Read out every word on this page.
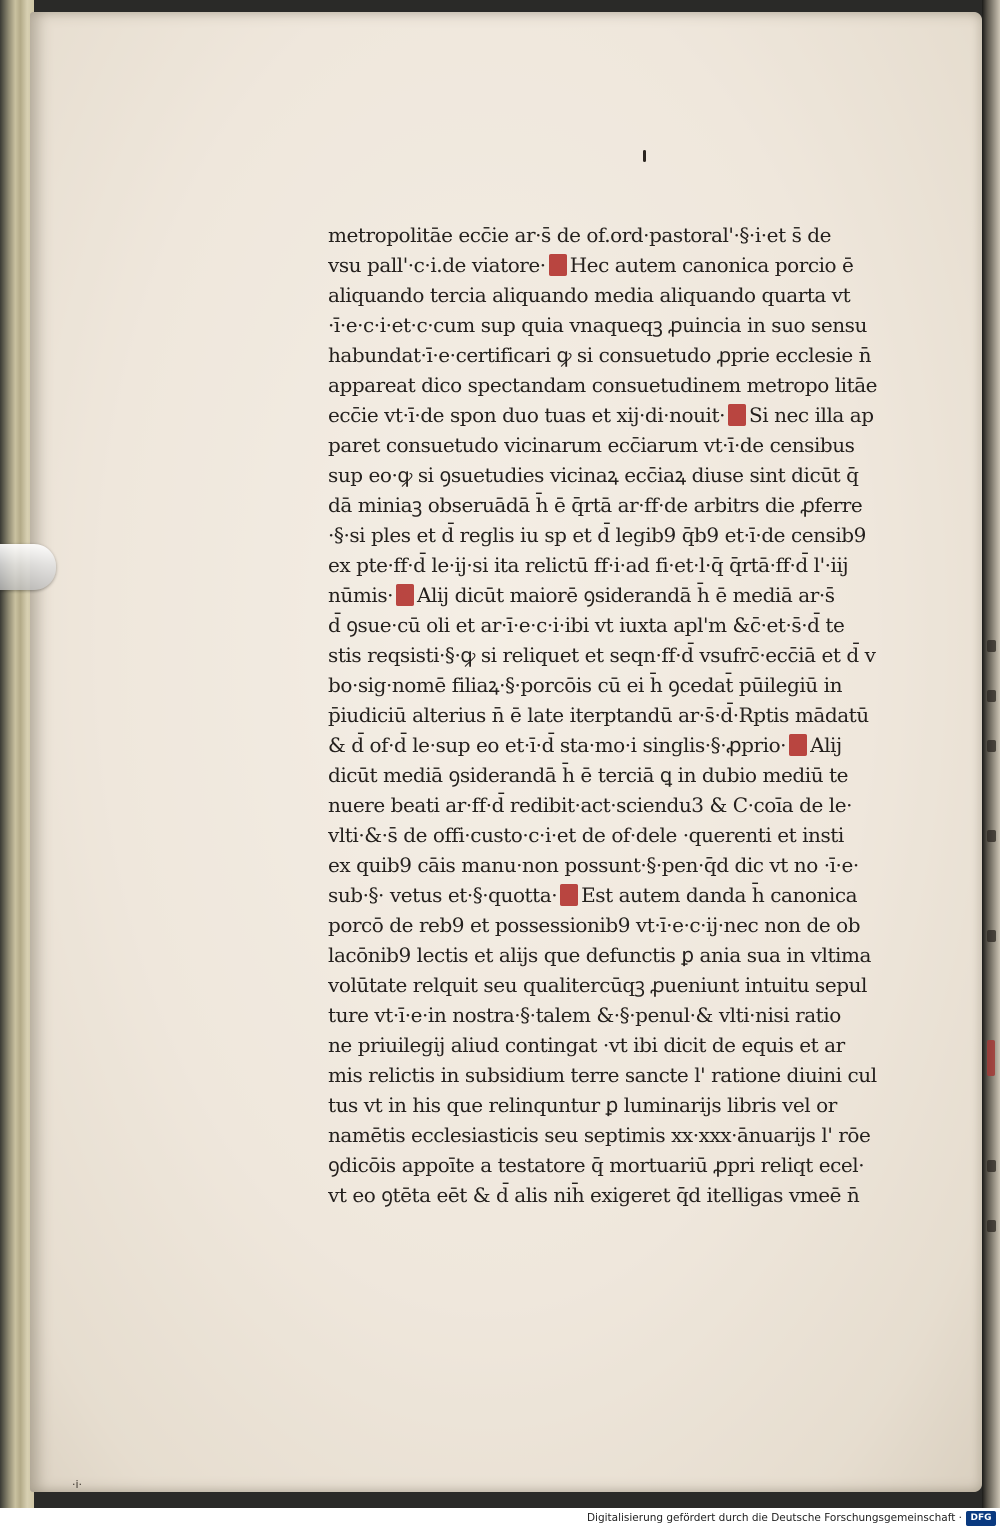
metropolitāe ecc̄ie ar·s̄ de of.ord·pastoral'·§·i·et s̄ de
vsu pall'·c·i.de viatore· Hec autem canonica porcio ē
aliquando tercia aliquando media aliquando quarta vt
·ī·e·c·i·et·c·cum sup quia vnaqueqꝫ ꝓuincia in suo sensu
habundat·ī·e·certificari ꝙ si consuetudo ꝓprie ecclesie n̄
appareat dico spectandam consuetudinem metropo litāe
ecc̄ie vt·ī·de spon duo tuas et xij·di·nouit· Si nec illa ap
paret consuetudo vicinarum ecc̄iarum vt·ī·de censibus
sup eo·ꝙ si ꝯsuetudies vicinaꝝ ecc̄iaꝝ diuse sint dicūt q̄
dā miniaꝫ obseruādā h̄ ē q̄rtā ar·ff·de arbitrs die ꝓferre
·§·si ples et d̄ reglis iu sp et d̄ legib9 q̄b9 et·ī·de censib9
ex pte·ff·d̄ le·ij·si ita relictū ff·i·ad fi·et·l·q̄ q̄rtā·ff·d̄ l'·iij
nūmis· Alij dicūt maiorē ꝯsiderandā h̄ ē mediā ar·s̄
d̄ ꝯsue·cū oli et ar·ī·e·c·i·ibi vt iuxta apl'm &c̄·et·s̄·d̄ te
stis reqsisti·§·ꝙ si reliquet et seqn·ff·d̄ vsufrc̄·ecc̄iā et d̄ v
bo·sig·nomē filiaꝝ·§·porcōis cū ei h̄ ꝯcedat̄ pūilegiū in
p̄iudiciū alterius n̄ ē late iterptandū ar·s̄·d̄·Rptis mādatū
& d̄ of·d̄ le·sup eo et·ī·d̄ sta·mo·i singlis·§·ꝓprio· Alij
dicūt mediā ꝯsiderandā h̄ ē terciā ꝗ in dubio mediū te
nuere beati ar·ff·d̄ redibit·act·sciendu3 & C·coīa de le·
vlti·&·s̄ de offi·custo·c·i·et de of·dele ·querenti et insti
ex quib9 cāis manu·non possunt·§·pen·q̄d dic vt no ·ī·e·
sub·§· vetus et·§·quotta· Est autem danda h̄ canonica
porcō de reb9 et possessionib9 vt·ī·e·c·ij·nec non de ob
lacōnib9 lectis et alijs que defunctis ꝑ ania sua in vltima
volūtate relquit seu qualitercūqꝫ ꝓueniunt intuitu sepul
ture vt·ī·e·in nostra·§·talem &·§·penul·& vlti·nisi ratio
ne priuilegij aliud contingat ·vt ibi dicit de equis et ar
mis relictis in subsidium terre sancte l' ratione diuini cul
tus vt in his que relinquntur ꝑ luminarijs libris vel or
namētis ecclesiasticis seu septimis xx·xxx·ānuarijs l' rōe
ꝯdicōis appoīte a testatore q̄ mortuariū ꝓpri reliqt ecel·
vt eo ꝯtēta eēt & d̄ alis nih̄ exigeret q̄d itelligas vmeē n̄
·i·
Digitalisierung gefördert durch die Deutsche Forschungsgemeinschaft · DFG
